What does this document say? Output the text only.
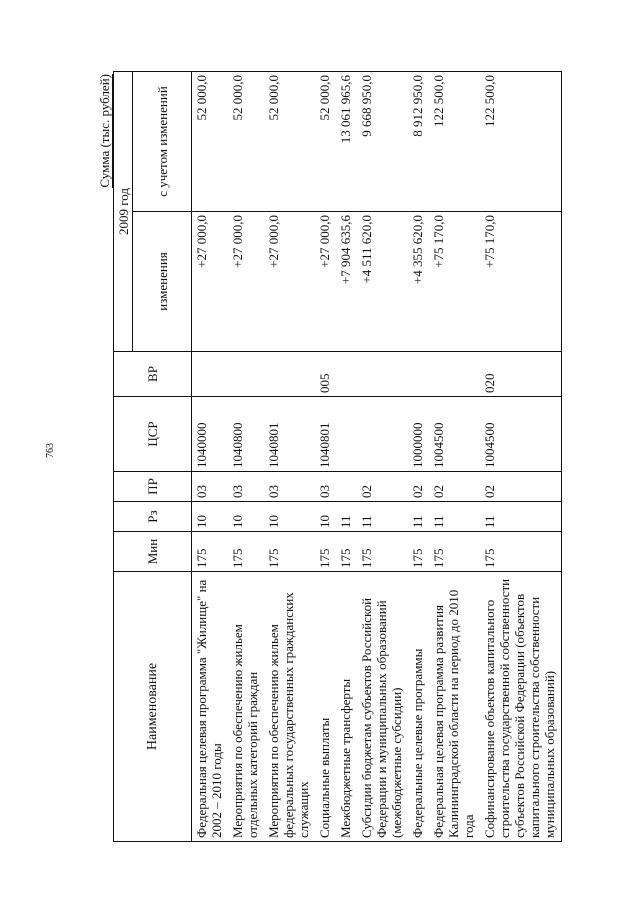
763
Сумма (тыс. рублей)
Наименование	Мин	Рз	ПР	ЦСР	ВР	2009 год	
						изменения	с учетом изменений
Федеральная целевая программа "Жилище" на 2002 – 2010 годы	175	10	03	1040000		+27 000,0	52 000,0
Мероприятия по обеспечению жильем отдельных категорий граждан	175	10	03	1040800		+27 000,0	52 000,0
Мероприятия по обеспечению жильем федеральных государственных гражданских служащих	175	10	03	1040801		+27 000,0	52 000,0
Социальные выплаты	175	10	03	1040801	005	+27 000,0	52 000,0
Межбюджетные трансферты	175	11				+7 904 635,6	13 061 965,6
Субсидии бюджетам субъектов Российской Федерации и муниципальных образований (межбюджетные субсидии)	175	11	02			+4 511 620,0	9 668 950,0
Федеральные целевые программы	175	11	02	1000000		+4 355 620,0	8 912 950,0
Федеральная целевая программа развития Калининградской области на период до 2010 года	175	11	02	1004500		+75 170,0	122 500,0
Софинансирование объектов капитального строительства государственной собственности субъектов Российской Федерации (объектов капитального строительства собственности муниципальных образований)	175	11	02	1004500	020	+75 170,0	122 500,0
